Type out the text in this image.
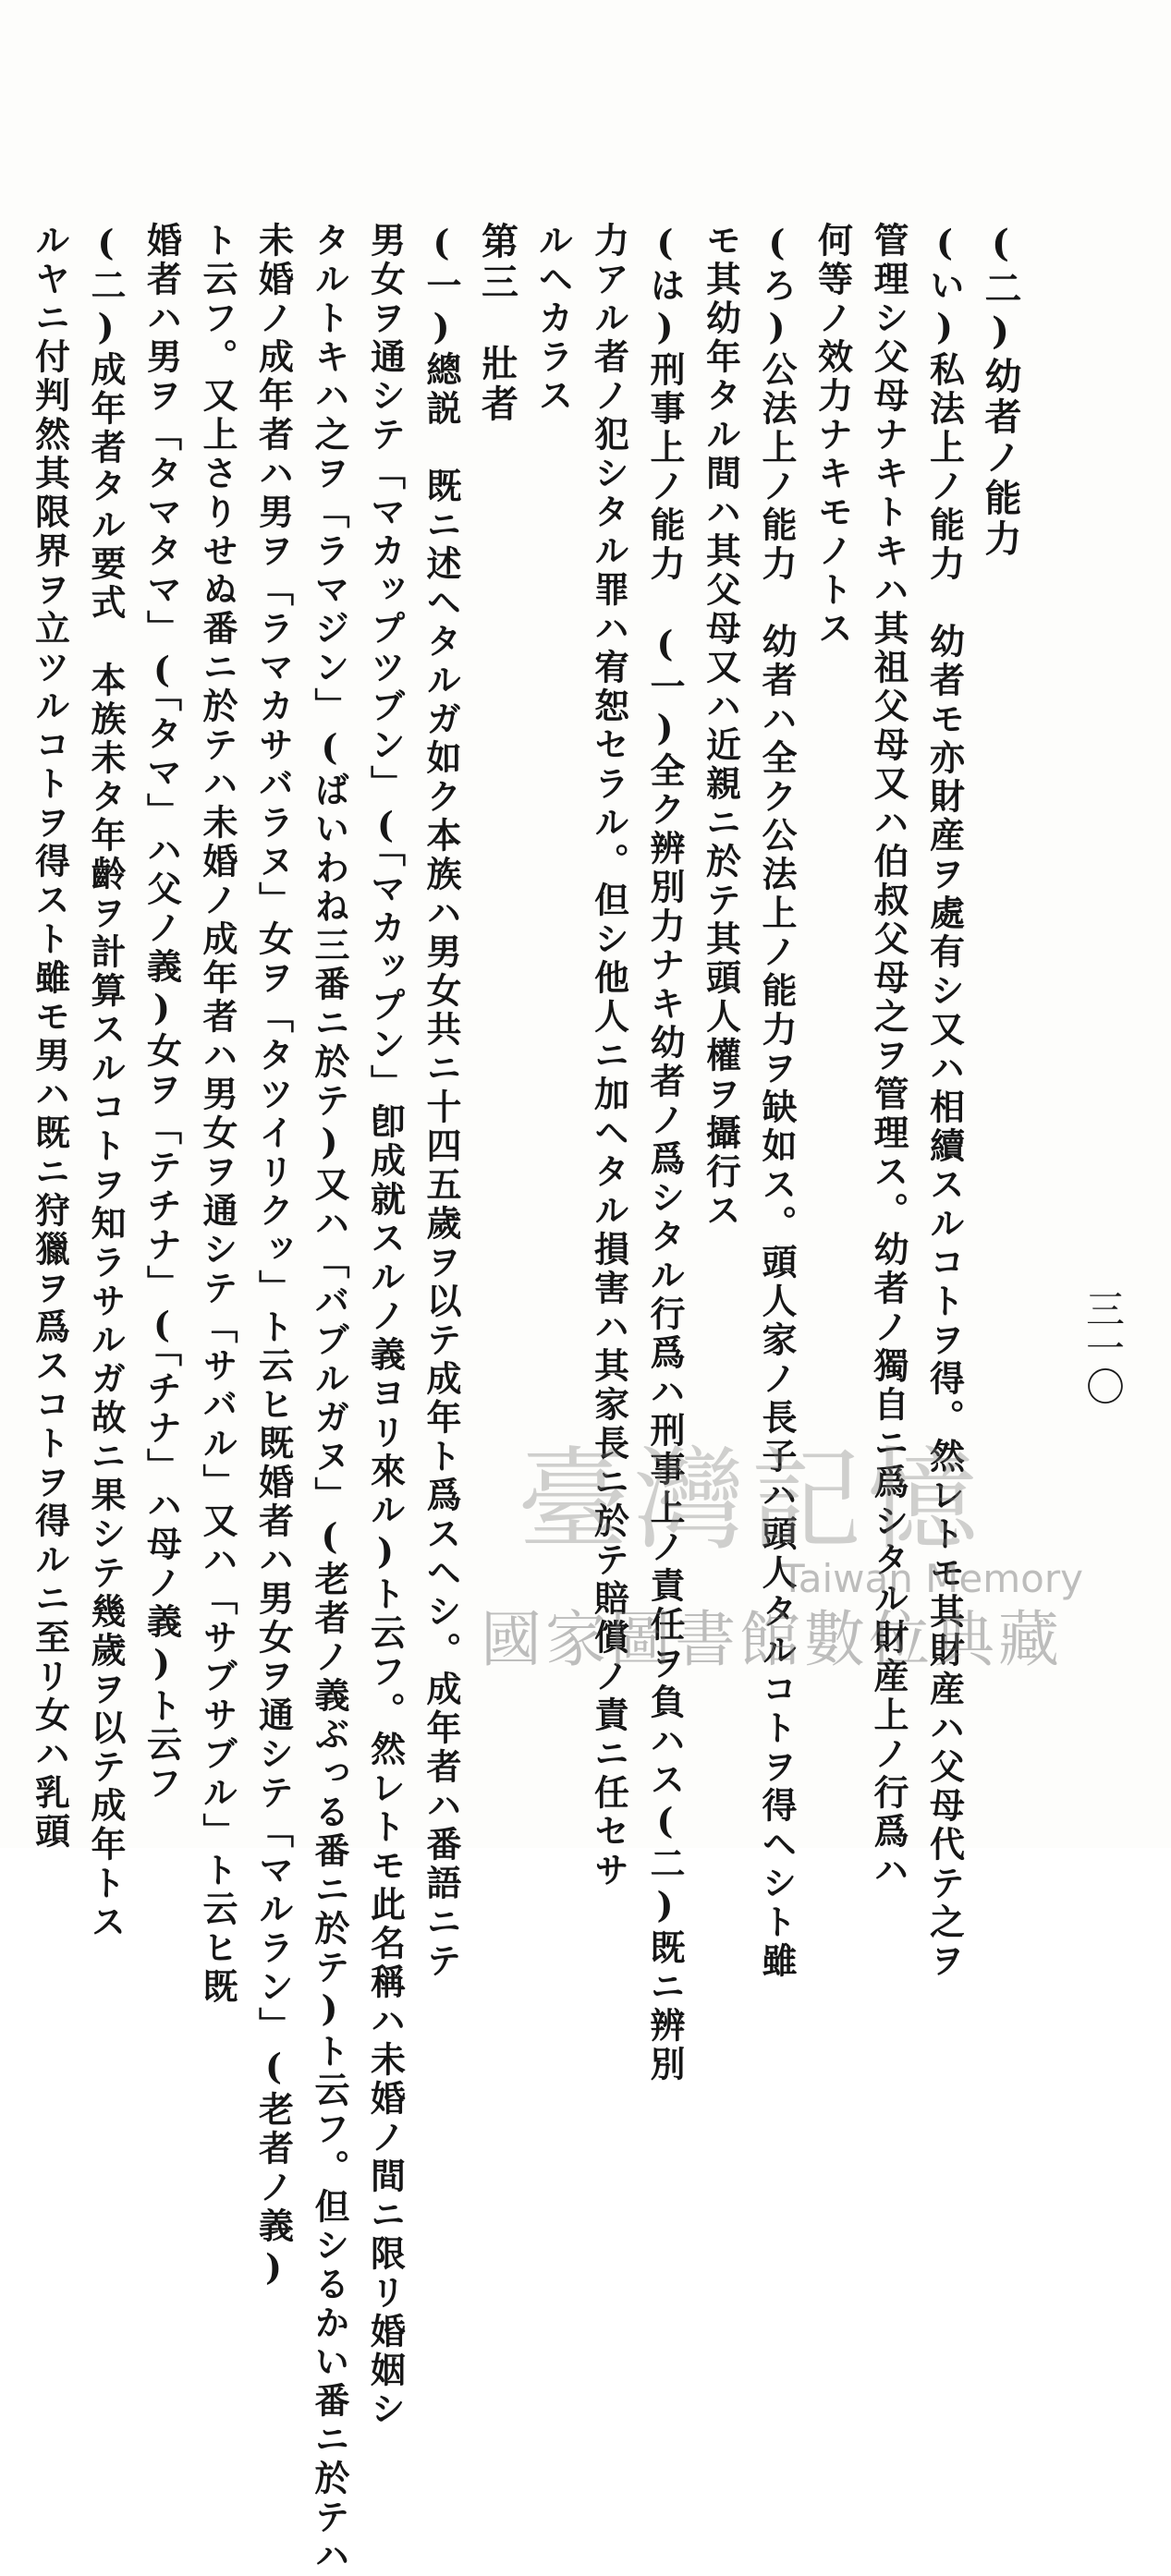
三一〇
(二)幼者ノ能力
(い)私法上ノ能力　幼者モ亦財産ヲ處有シ又ハ相續スルコトヲ得。然レトモ其財産ハ父母代テ之ヲ
管理シ父母ナキトキハ其祖父母又ハ伯叔父母之ヲ管理ス。幼者ノ獨自ニ爲シタル財産上ノ行爲ハ
何等ノ效力ナキモノトス
(ろ)公法上ノ能力　幼者ハ全ク公法上ノ能力ヲ缺如ス。頭人家ノ長子ハ頭人タルコトヲ得ヘシト雖
モ其幼年タル間ハ其父母又ハ近親ニ於テ其頭人權ヲ攝行ス
(は)刑事上ノ能力　(一)全ク辨別力ナキ幼者ノ爲シタル行爲ハ刑事上ノ責任ヲ負ハス(二)既ニ辨別
力アル者ノ犯シタル罪ハ宥恕セラル。但シ他人ニ加ヘタル損害ハ其家長ニ於テ賠償ノ責ニ任セサ
ルヘカラス
第三　壯者
(一)總説　既ニ述ヘタルガ如ク本族ハ男女共ニ十四五歲ヲ以テ成年ト爲スヘシ。成年者ハ番語ニテ
男女ヲ通シテ「マカップツブン」(「マカップン」卽成就スルノ義ヨリ來ル)ト云フ。然レトモ此名稱ハ未婚ノ間ニ限リ婚姻シ
タルトキハ之ヲ「ラマジン」(ばいわね三番ニ於テ)又ハ「バブルガヌ」(老者ノ義ぶっる番ニ於テ)ト云フ。但シるかい番ニ於テハ
未婚ノ成年者ハ男ヲ「ラマカサバラヌ」女ヲ「タツイリクッ」ト云ヒ既婚者ハ男女ヲ通シテ「マルラン」(老者ノ義)
ト云フ。又上さりせぬ番ニ於テハ未婚ノ成年者ハ男女ヲ通シテ「サバル」又ハ「サブサブル」ト云ヒ既
婚者ハ男ヲ「タマタマ」(「タマ」ハ父ノ義)女ヲ「テチナ」(「チナ」ハ母ノ義)ト云フ
(二)成年者タル要式　本族未タ年齡ヲ計算スルコトヲ知ラサルガ故ニ果シテ幾歲ヲ以テ成年トス
ルヤニ付判然其限界ヲ立ツルコトヲ得スト雖モ男ハ既ニ狩獵ヲ爲スコトヲ得ルニ至リ女ハ乳頭	臺灣記憶
Taiwan Memory
國家圖書館數位典藏
